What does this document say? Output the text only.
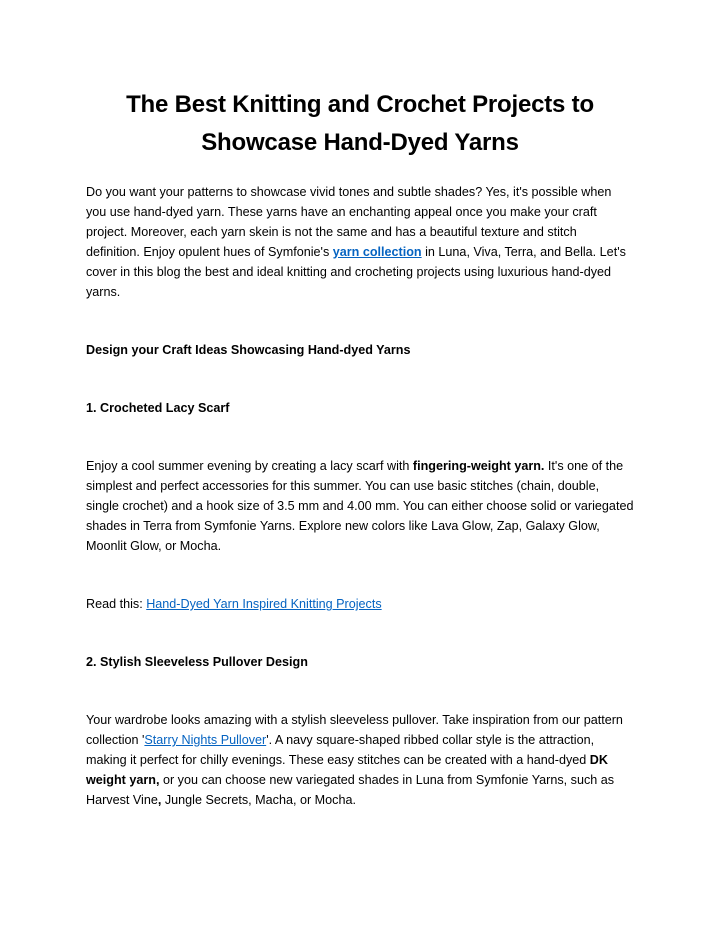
The Best Knitting and Crochet Projects to Showcase Hand-Dyed Yarns

Do you want your patterns to showcase vivid tones and subtle shades? Yes, it's possible when you use hand-dyed yarn. These yarns have an enchanting appeal once you make your craft project. Moreover, each yarn skein is not the same and has a beautiful texture and stitch definition. Enjoy opulent hues of Symfonie's yarn collection in Luna, Viva, Terra, and Bella. Let's cover in this blog the best and ideal knitting and crocheting projects using luxurious hand-dyed yarns.

Design your Craft Ideas Showcasing Hand-dyed Yarns

1. Crocheted Lacy Scarf

Enjoy a cool summer evening by creating a lacy scarf with fingering-weight yarn. It's one of the simplest and perfect accessories for this summer. You can use basic stitches (chain, double, single crochet) and a hook size of 3.5 mm and 4.00 mm. You can either choose solid or variegated shades in Terra from Symfonie Yarns. Explore new colors like Lava Glow, Zap, Galaxy Glow, Moonlit Glow, or Mocha.

Read this: Hand-Dyed Yarn Inspired Knitting Projects

2. Stylish Sleeveless Pullover Design

Your wardrobe looks amazing with a stylish sleeveless pullover. Take inspiration from our pattern collection 'Starry Nights Pullover'. A navy square-shaped ribbed collar style is the attraction, making it perfect for chilly evenings. These easy stitches can be created with a hand-dyed DK weight yarn, or you can choose new variegated shades in Luna from Symfonie Yarns, such as Harvest Vine, Jungle Secrets, Macha, or Mocha.
